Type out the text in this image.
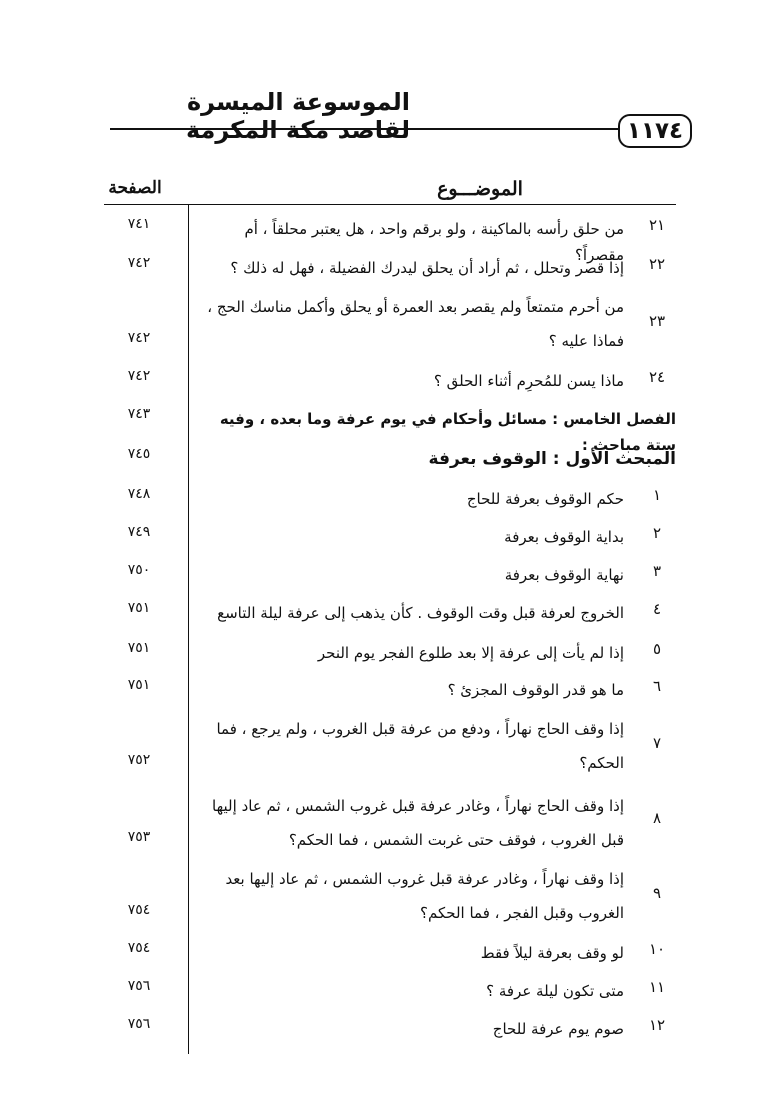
الموسوعة الميسرة لقاصد مكة المكرمة	١١٧٤
الموضـــوع
الصفحة
٢١
من حلق رأسه بالماكينة ، ولو برقم واحد ، هل يعتبر محلقاً ، أم مقصراً؟
٧٤١
٢٢
إذا قصر وتحلل ، ثم أراد أن يحلق ليدرك الفضيلة ، فهل له ذلك ؟
٧٤٢
٢٣
من أحرم متمتعاً ولم يقصر بعد العمرة أو يحلق وأكمل مناسك الحج ، فماذا عليه ؟
٧٤٢
٢٤
ماذا يسن للمُحرِم أثناء الحلق ؟
٧٤٢
الفصل الخامس : مسائل وأحكام في يوم عرفة وما بعده ، وفيه ستة مباحث :
٧٤٣
المبحث الأول : الوقوف بعرفة
٧٤٥
١
حكم الوقوف بعرفة للحاج
٧٤٨
٢
بداية الوقوف بعرفة
٧٤٩
٣
نهاية الوقوف بعرفة
٧٥٠
٤
الخروج لعرفة قبل وقت الوقوف . كأن يذهب إلى عرفة ليلة التاسع
٧٥١
٥
إذا لم يأت إلى عرفة إلا بعد طلوع الفجر يوم النحر
٧٥١
٦
ما هو قدر الوقوف المجزئ ؟
٧٥١
٧
إذا وقف الحاج نهاراً ، ودفع من عرفة قبل الغروب ، ولم يرجع ، فما الحكم؟
٧٥٢
٨
إذا وقف الحاج نهاراً ، وغادر عرفة قبل غروب الشمس ، ثم عاد إليها قبل الغروب ، فوقف حتى غربت الشمس ، فما الحكم؟
٧٥٣
٩
إذا وقف نهاراً ، وغادر عرفة قبل غروب الشمس ، ثم عاد إليها بعد الغروب وقبل الفجر ، فما الحكم؟
٧٥٤
١٠
لو وقف بعرفة ليلاً فقط
٧٥٤
١١
متى تكون ليلة عرفة ؟
٧٥٦
١٢
صوم يوم عرفة للحاج
٧٥٦
